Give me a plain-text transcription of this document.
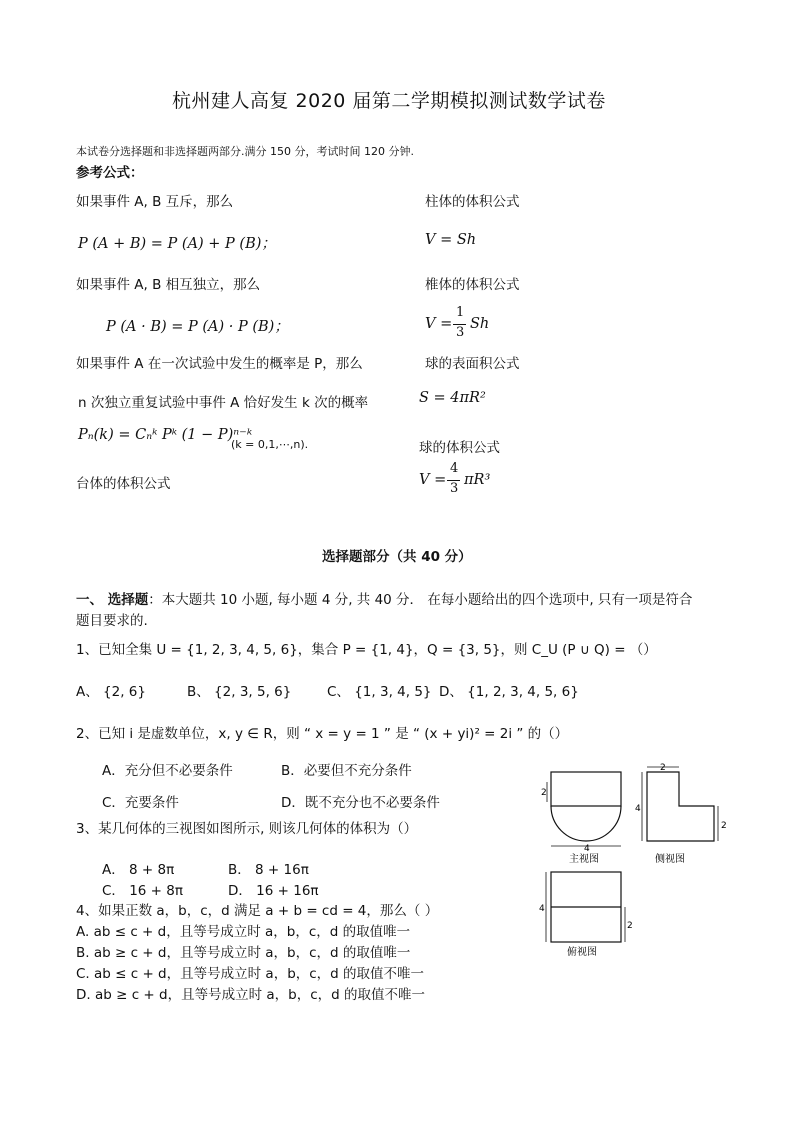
杭州建人高复 2020 届第二学期模拟测试数学试卷
本试卷分选择题和非选择题两部分.满分 150 分，考试时间 120 分钟.
参考公式：
如果事件 A, B 互斥，那么
P (A + B) = P (A) + P (B)；
如果事件 A, B 相互独立，那么
P (A · B) = P (A) · P (B)；
如果事件 A 在一次试验中发生的概率是 P，那么
n 次独立重复试验中事件 A 恰好发生 k 次的概率
Pₙ(k) = Cₙᵏ Pᵏ (1 − P)ⁿ⁻ᵏ
(k = 0,1,⋯,n).
台体的体积公式
柱体的体积公式
V = Sh
椎体的体积公式
V =
1
3
Sh
球的表面积公式
S = 4πR²
球的体积公式
V =
4
3
πR³
选择题部分（共 40 分）
一、 选择题：本大题共 10 小题, 每小题 4 分, 共 40 分． 在每小题给出的四个选项中, 只有一项是符合
题目要求的.
1、已知全集 U = {1, 2, 3, 4, 5, 6}，集合 P = {1, 4}，Q = {3, 5}，则 C_U (P ∪ Q) = （）
A、 {2, 6}	B、 {2, 3, 5, 6}	C、 {1, 3, 4, 5} D、 {1, 2, 3, 4, 5, 6}
2、已知 i 是虚数单位，x, y ∈ R，则 “ x = y = 1 ” 是 “ (x + yi)² = 2i ” 的（）
A．充分但不必要条件	B．必要但不充分条件
C．充要条件	D．既不充分也不必要条件
3、某几何体的三视图如图所示, 则该几何体的体积为（）
A． 8 + 8π	B． 8 + 16π
C． 16 + 8π	D． 16 + 16π
4、如果正数 a，b，c，d 满足 a + b = cd = 4，那么（ ）
A. ab ≤ c + d，且等号成立时 a，b，c，d 的取值唯一
B. ab ≥ c + d，且等号成立时 a，b，c，d 的取值唯一
C. ab ≤ c + d，且等号成立时 a，b，c，d 的取值不唯一
D. ab ≥ c + d，且等号成立时 a，b，c，d 的取值不唯一
4
2
主视图
2
4
2
侧视图
4
2
俯视图
